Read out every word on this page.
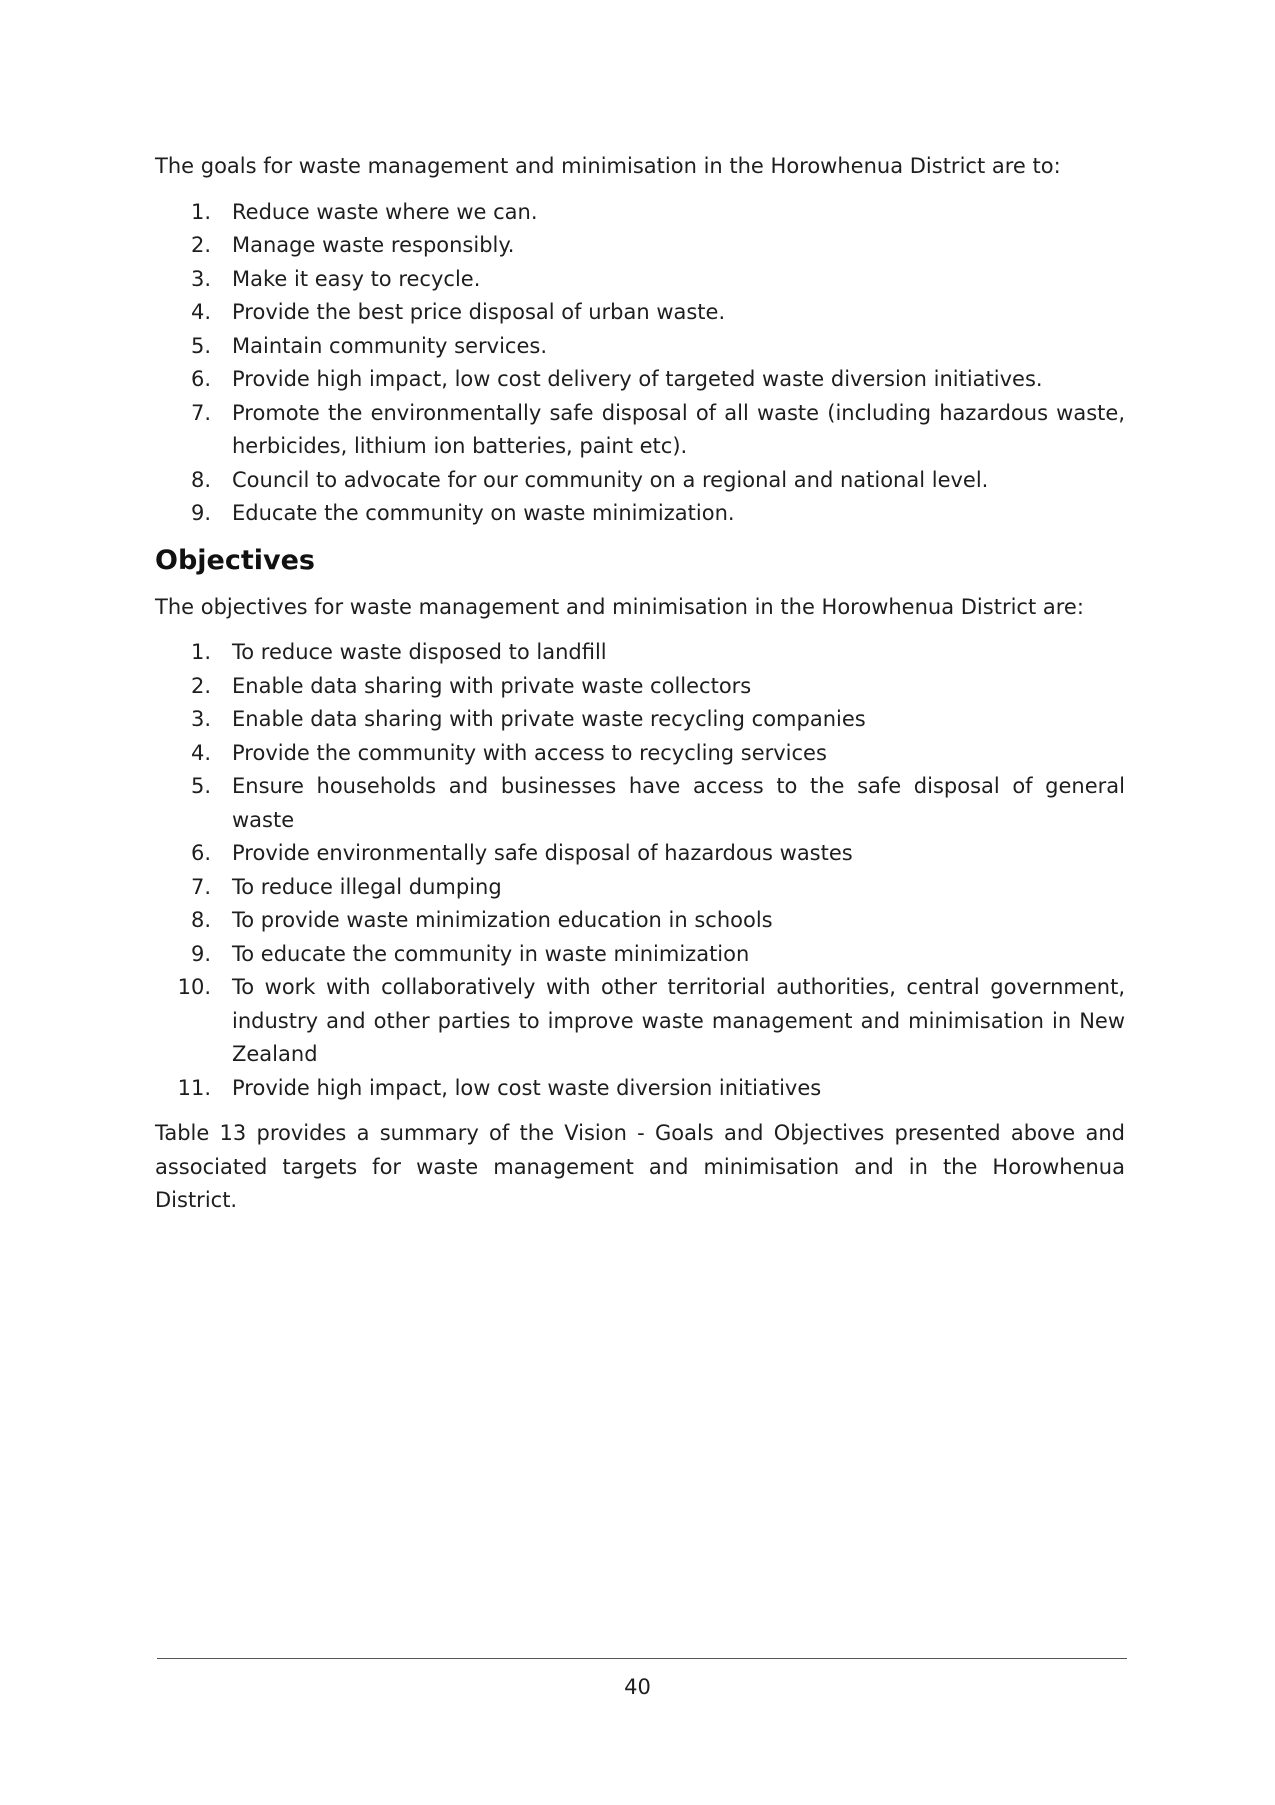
The goals for waste management and minimisation in the Horowhenua District are to:

1. Reduce waste where we can.
2. Manage waste responsibly.
3. Make it easy to recycle.
4. Provide the best price disposal of urban waste.
5. Maintain community services.
6. Provide high impact, low cost delivery of targeted waste diversion initiatives.
7. Promote the environmentally safe disposal of all waste (including hazardous waste, herbicides, lithium ion batteries, paint etc).
8. Council to advocate for our community on a regional and national level.
9. Educate the community on waste minimization.
Objectives

The objectives for waste management and minimisation in the Horowhenua District are:

1. To reduce waste disposed to landfill
2. Enable data sharing with private waste collectors
3. Enable data sharing with private waste recycling companies
4. Provide the community with access to recycling services
5. Ensure households and businesses have access to the safe disposal of general waste
6. Provide environmentally safe disposal of hazardous wastes
7. To reduce illegal dumping
8. To provide waste minimization education in schools
9. To educate the community in waste minimization
10. To work with collaboratively with other territorial authorities, central government, industry and other parties to improve waste management and minimisation in New Zealand
11. Provide high impact, low cost waste diversion initiatives

Table 13 provides a summary of the Vision - Goals and Objectives presented above and associated targets for waste management and minimisation and in the Horowhenua District.

40
